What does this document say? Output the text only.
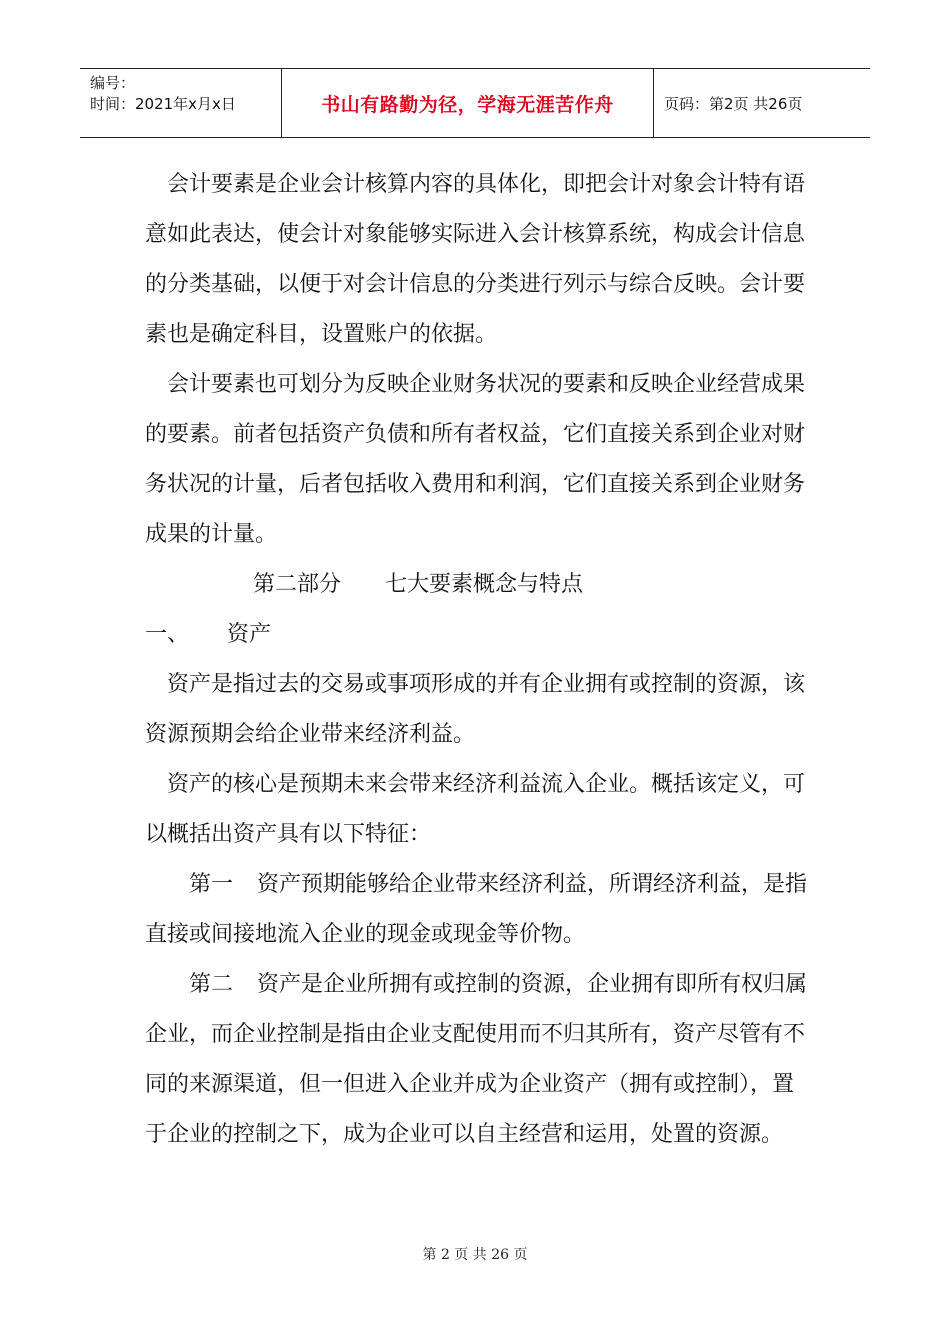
编号：
时间：2021年x月x日	书山有路勤为径，学海无涯苦作舟	页码：第2页 共26页

　会计要素是企业会计核算内容的具体化，即把会计对象会计特有语意如此表达，使会计对象能够实际进入会计核算系统，构成会计信息的分类基础，以便于对会计信息的分类进行列示与综合反映。会计要素也是确定科目，设置账户的依据。

　会计要素也可划分为反映企业财务状况的要素和反映企业经营成果的要素。前者包括资产负债和所有者权益，它们直接关系到企业对财务状况的计量，后者包括收入费用和利润，它们直接关系到企业财务成果的计量。

第二部分 七大要素概念与特点

一、 资产

　资产是指过去的交易或事项形成的并有企业拥有或控制的资源，该资源预期会给企业带来经济利益。

　资产的核心是预期未来会带来经济利益流入企业。概括该定义，可以概括出资产具有以下特征：

　　第一 资产预期能够给企业带来经济利益，所谓经济利益，是指直接或间接地流入企业的现金或现金等价物。

　　第二 资产是企业所拥有或控制的资源，企业拥有即所有权归属企业，而企业控制是指由企业支配使用而不归其所有，资产尽管有不同的来源渠道，但一但进入企业并成为企业资产（拥有或控制），置于企业的控制之下，成为企业可以自主经营和运用，处置的资源。

第 2 页 共 26 页
